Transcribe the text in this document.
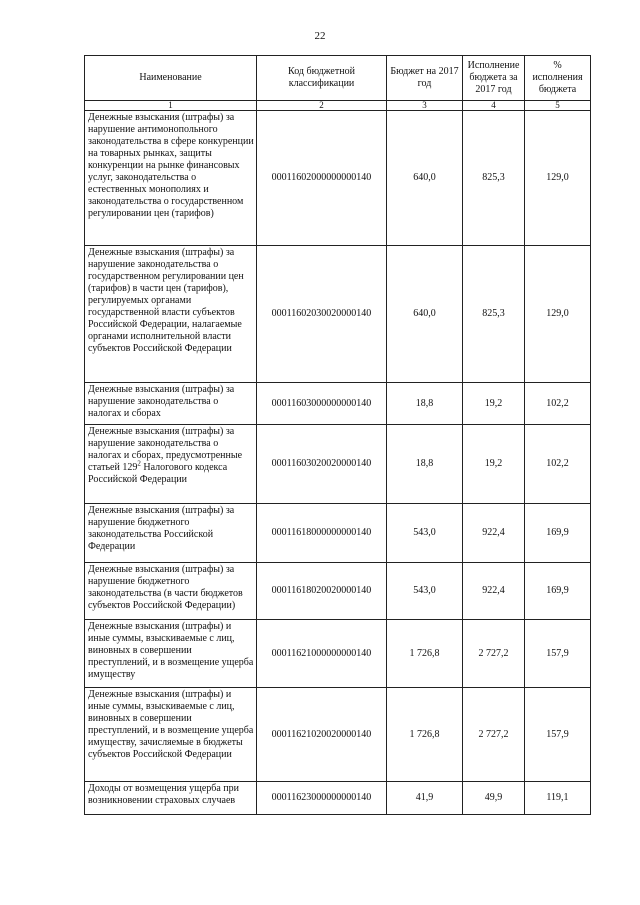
22
Наименование	Код бюджетной классификации	Бюджет на 2017 год	Исполнение бюджета за 2017 год	% исполнения бюджета
1	2	3	4	5
Денежные взыскания (штрафы) за нарушение антимонопольного законодательства в сфере конкуренции на товарных рынках, защиты конкуренции на рынке финансовых услуг, законодательства о естественных монополиях и законодательства о государственном регулировании цен (тарифов)	00011602000000000140	640,0	825,3	129,0
Денежные взыскания (штрафы) за нарушение законодательства о государственном регулировании цен (тарифов) в части цен (тарифов), регулируемых органами государственной власти субъектов Российской Федерации, налагаемые органами исполнительной власти субъектов Российской Федерации	00011602030020000140	640,0	825,3	129,0
Денежные взыскания (штрафы) за нарушение законодательства о налогах и сборах	00011603000000000140	18,8	19,2	102,2
Денежные взыскания (штрафы) за нарушение законодательства о налогах и сборах, предусмотренные статьей $129^2$ Налогового кодекса Российской Федерации	00011603020020000140	18,8	19,2	102,2
Денежные взыскания (штрафы) за нарушение бюджетного законодательства Российской Федерации	00011618000000000140	543,0	922,4	169,9
Денежные взыскания (штрафы) за нарушение бюджетного законодательства (в части бюджетов субъектов Российской Федерации)	00011618020020000140	543,0	922,4	169,9
Денежные взыскания (штрафы) и иные суммы, взыскиваемые с лиц, виновных в совершении преступлений, и в возмещение ущерба имуществу	00011621000000000140	1 726,8	2 727,2	157,9
Денежные взыскания (штрафы) и иные суммы, взыскиваемые с лиц, виновных в совершении преступлений, и в возмещение ущерба имуществу, зачисляемые в бюджеты субъектов Российской Федерации	00011621020020000140	1 726,8	2 727,2	157,9
Доходы от возмещения ущерба при возникновении страховых случаев	00011623000000000140	41,9	49,9	119,1
